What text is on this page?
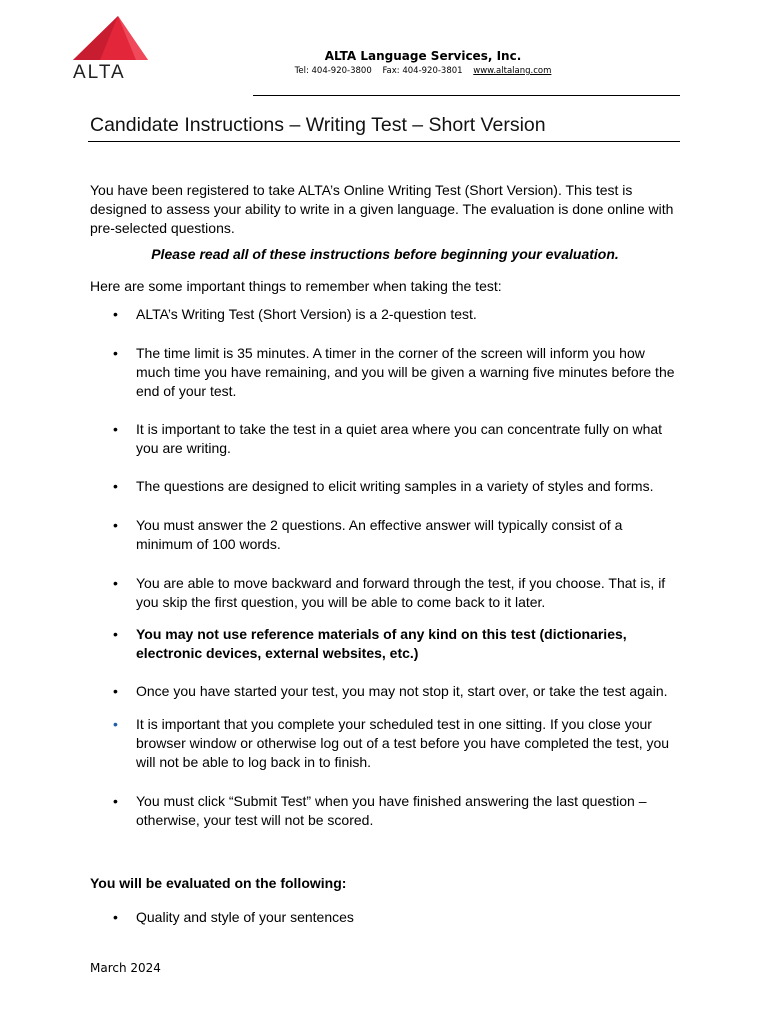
ALTA
ALTA Language Services, Inc.
Tel: 404-920-3800 Fax: 404-920-3801 www.altalang.com
Candidate Instructions – Writing Test – Short Version
You have been registered to take ALTA’s Online Writing Test (Short Version). This test is designed to assess your ability to write in a given language. The evaluation is done online with pre-selected questions.
Please read all of these instructions before beginning your evaluation.
Here are some important things to remember when taking the test:
•	ALTA’s Writing Test (Short Version) is a 2-question test.
•	The time limit is 35 minutes. A timer in the corner of the screen will inform you how much time you have remaining, and you will be given a warning five minutes before the end of your test.
•	It is important to take the test in a quiet area where you can concentrate fully on what you are writing.
•	The questions are designed to elicit writing samples in a variety of styles and forms.
•	You must answer the 2 questions. An effective answer will typically consist of a minimum of 100 words.
•	You are able to move backward and forward through the test, if you choose. That is, if you skip the first question, you will be able to come back to it later.
•	You may not use reference materials of any kind on this test (dictionaries, electronic devices, external websites, etc.)
•	Once you have started your test, you may not stop it, start over, or take the test again.
•	It is important that you complete your scheduled test in one sitting. If you close your browser window or otherwise log out of a test before you have completed the test, you will not be able to log back in to finish.
•	You must click “Submit Test” when you have finished answering the last question – otherwise, your test will not be scored.
You will be evaluated on the following:
•	Quality and style of your sentences
March 2024
